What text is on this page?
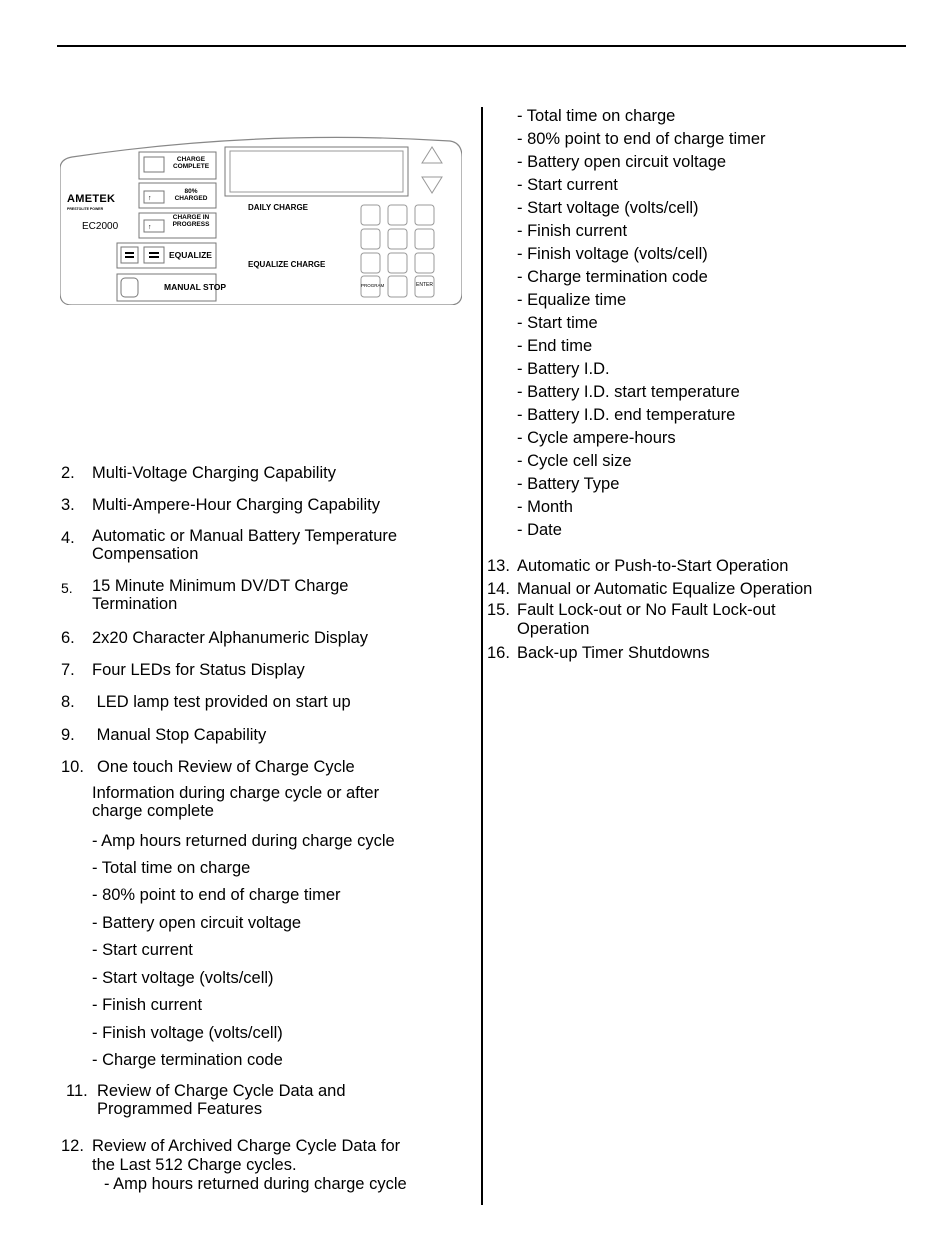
AMETEK
PRESTOLITE POWER
EC2000
CHARGE COMPLETE
80% CHARGED
CHARGE IN PROGRESS
↑
↑
EQUALIZE
MANUAL STOP
DAILY CHARGE
EQUALIZE CHARGE
PROGRAM	ENTER
2. Multi-Voltage Charging Capability
3. Multi-Ampere-Hour Charging Capability
4. Automatic or Manual Battery Temperature
Compensation
5. 15 Minute Minimum DV/DT Charge
Termination
6. 2x20 Character Alphanumeric Display
7. Four LEDs for Status Display
8. LED lamp test provided on start up
9. Manual Stop Capability
10. One touch Review of Charge Cycle
Information during charge cycle or after
charge complete
- Amp hours returned during charge cycle
- Total time on charge
- 80% point to end of charge timer
- Battery open circuit voltage
- Start current
- Start voltage (volts/cell)
- Finish current
- Finish voltage (volts/cell)
- Charge termination code
11. Review of Charge Cycle Data and
Programmed Features
12. Review of Archived Charge Cycle Data for
the Last 512 Charge cycles.
- Amp hours returned during charge cycle
- Total time on charge
- 80% point to end of charge timer
- Battery open circuit voltage
- Start current
- Start voltage (volts/cell)
- Finish current
- Finish voltage (volts/cell)
- Charge termination code
- Equalize time
- Start time
- End time
- Battery I.D.
- Battery I.D. start temperature
- Battery I.D. end temperature
- Cycle ampere-hours
- Cycle cell size
- Battery Type
- Month
- Date
13. Automatic or Push-to-Start Operation
14. Manual or Automatic Equalize Operation
15. Fault Lock-out or No Fault Lock-out
Operation
16. Back-up Timer Shutdowns
